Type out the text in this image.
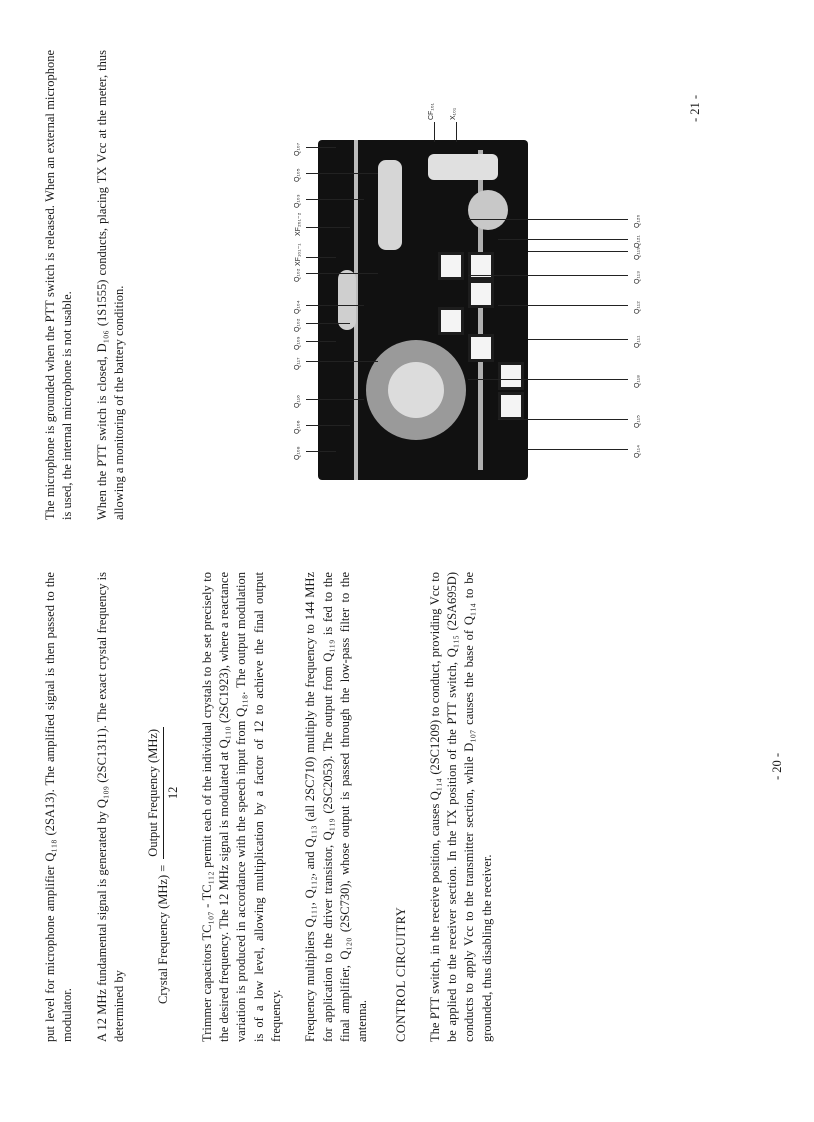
put level for microphone amplifier Q₁₁₈ (2SA13). The amplified signal is then passed to the modulator. A 12 MHz fundamental signal is generated by Q₁₀₉ (2SC1311). The exact crystal frequency is determined by

Crystal Frequency (MHz) =
Output Frequency (MHz) 12 Trimmer capacitors TC₁₀₇ - TC₁₁₂ permit each of the individual crystals to be set precisely to the desired frequency. The 12 MHz signal is modulated at Q₁₁₀ (2SC1923), where a reactance variation is produced in accordance with the speech input from Q₁₁₈. The output modulation is of a low level, allowing multiplication by a factor of 12 to achieve the final output frequency. Frequency multipliers Q₁₁₁, Q₁₁₂, and Q₁₁₃ (all 2SC710) multiply the frequency to 144 MHz for application to the driver transistor, Q₁₁₉ (2SC2053). The output from Q₁₁₉ is fed to the final amplifier, Q₁₂₀ (2SC730), whose output is passed through the low-pass filter to the antenna. CONTROL CIRCUITRY The PTT switch, in the receive position, causes Q₁₁₄ (2SC1209) to conduct, providing Vcc to be applied to the receiver section. In the TX position of the PTT switch, Q₁₁₅ (2SA695D) conducts to apply Vcc to the transmitter section, while D₁₀₇ causes the base of Q₁₁₄ to be grounded, thus disabling the receiver.

- 20 -

The microphone is grounded when the PTT switch is released. When an external microphone is used, the internal microphone is not usable. When the PTT switch is closed, D₁₀₆ (1S1555) conducts, placing TX Vcc at the meter, thus allowing a monitoring of the battery condition.	Q₁₀₈
Q₁₀₆
Q₁₁₆
Q₁₁₇
Q₁₀₉
Q₁₀₂
Q₁₀₄
Q₁₀₂
XF₁₀₁₋₁
XF₂₀₁₋₂
Q₁₀₃
Q₁₀₅
Q₁₀₇
Q₁₁₄
Q₁₁₅
Q₁₁₈
Q₁₁₁
Q₁₁₂
Q₁₁₃
Q₁₁₉
Q₁₂₁
Q₁₂₀
CF₁₀₁ X₁₀₁	- 21 -
